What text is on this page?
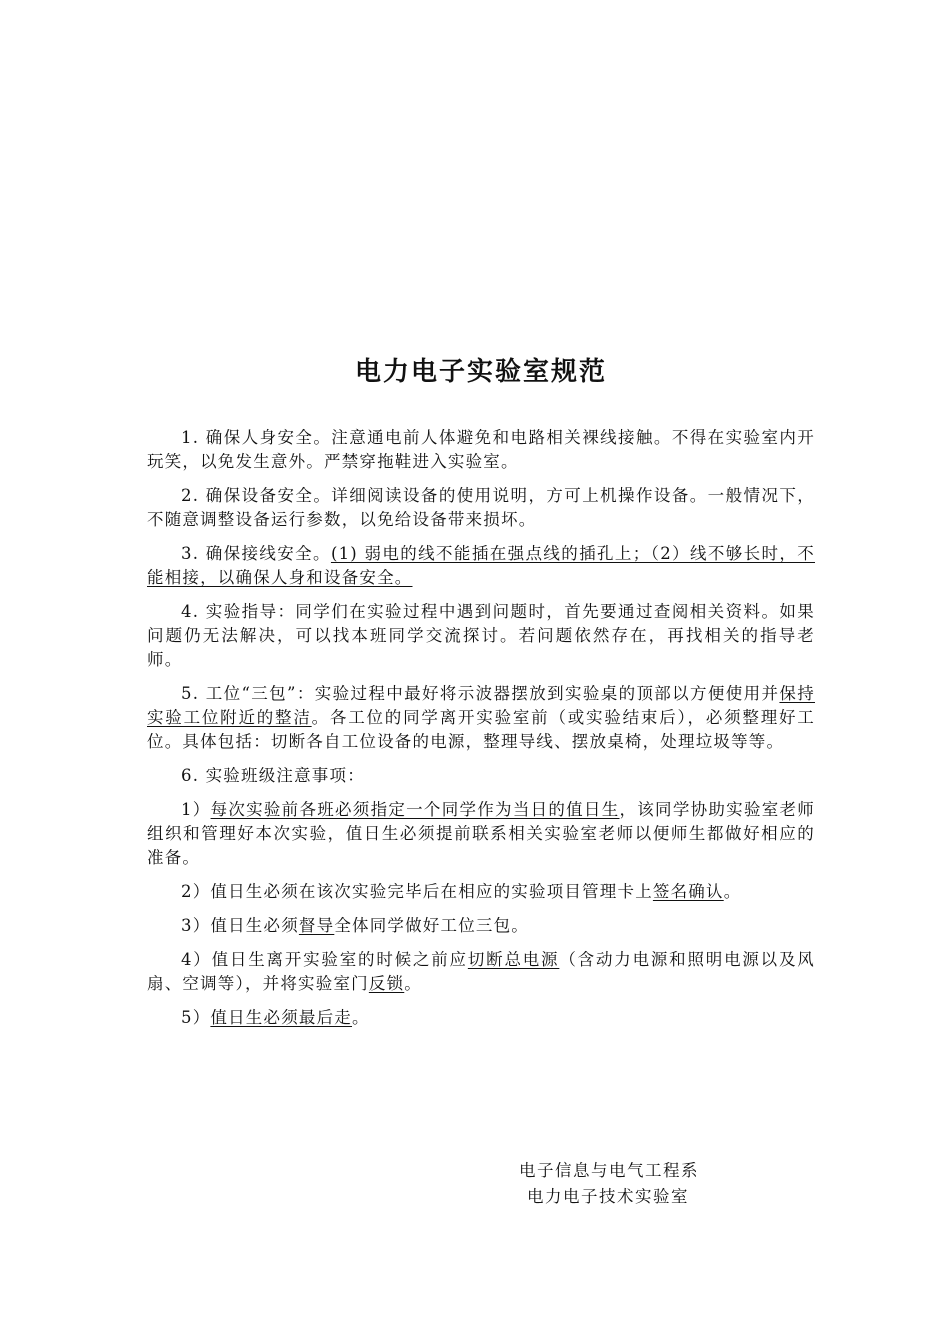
电力电子实验室规范

1. 确保人身安全。注意通电前人体避免和电路相关裸线接触。不得在实验室内开玩笑，以免发生意外。严禁穿拖鞋进入实验室。

2. 确保设备安全。详细阅读设备的使用说明，方可上机操作设备。一般情况下，不随意调整设备运行参数，以免给设备带来损坏。

3. 确保接线安全。(1) 弱电的线不能插在强点线的插孔上；（2）线不够长时，不能相接，以确保人身和设备安全。

4. 实验指导：同学们在实验过程中遇到问题时，首先要通过查阅相关资料。如果问题仍无法解决，可以找本班同学交流探讨。若问题依然存在，再找相关的指导老师。

5. 工位“三包”：实验过程中最好将示波器摆放到实验桌的顶部以方便使用并保持实验工位附近的整洁。各工位的同学离开实验室前（或实验结束后），必须整理好工位。具体包括：切断各自工位设备的电源，整理导线、摆放桌椅，处理垃圾等等。

6. 实验班级注意事项：

1）每次实验前各班必须指定一个同学作为当日的值日生，该同学协助实验室老师组织和管理好本次实验，值日生必须提前联系相关实验室老师以便师生都做好相应的准备。

2）值日生必须在该次实验完毕后在相应的实验项目管理卡上签名确认。

3）值日生必须督导全体同学做好工位三包。

4）值日生离开实验室的时候之前应切断总电源（含动力电源和照明电源以及风扇、空调等），并将实验室门反锁。

5）值日生必须最后走。

电子信息与电气工程系
电力电子技术实验室
